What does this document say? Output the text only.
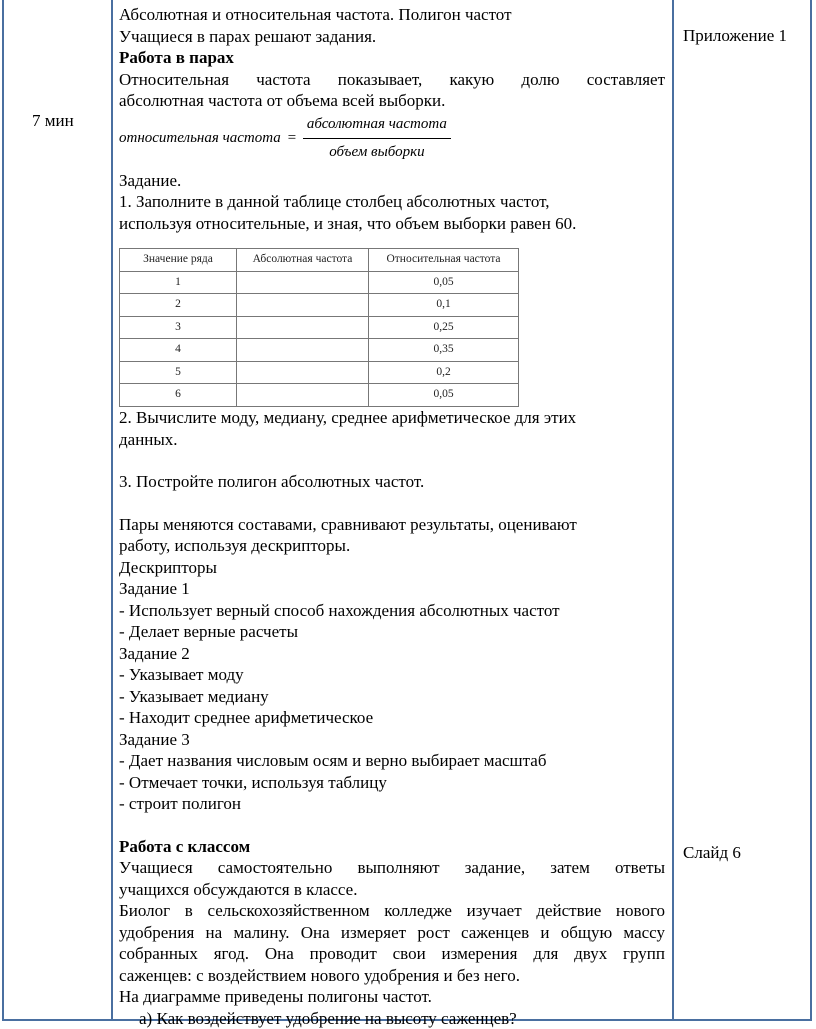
7 мин
Приложение 1
Слайд 6
Абсолютная и относительная частота. Полигон частот
Учащиеся в парах решают задания.
Работа в парах
Относительная частота показывает, какую долю составляет
абсолютная частота от объема всей выборки.
относительная частота = $\frac{\text{абсолютная частота}}{\text{объем выборки}}$
Задание.
1. Заполните в данной таблице столбец абсолютных частот,
используя относительные, и зная, что объем выборки равен 60.
Значение ряда	Абсолютная частота	Относительная частота
1		0,05
2		0,1
3		0,25
4		0,35
5		0,2
6		0,05
2. Вычислите моду, медиану, среднее арифметическое для этих
данных.
3. Постройте полигон абсолютных частот.
Пары меняются составами, сравнивают результаты, оценивают
работу, используя дескрипторы.
Дескрипторы
Задание 1
- Использует верный способ нахождения абсолютных частот
- Делает верные расчеты
Задание 2
- Указывает моду
- Указывает медиану
- Находит среднее арифметическое
Задание 3
- Дает названия числовым осям и верно выбирает масштаб
- Отмечает точки, используя таблицу
- строит полигон
Работа с классом
Учащиеся самостоятельно выполняют задание, затем ответы
учащихся обсуждаются в классе.
Биолог в сельскохозяйственном колледже изучает действие нового
удобрения на малину. Она измеряет рост саженцев и общую массу
собранных ягод. Она проводит свои измерения для двух групп
саженцев: с воздействием нового удобрения и без него.
На диаграмме приведены полигоны частот.
a) Как воздействует удобрение на высоту саженцев?
